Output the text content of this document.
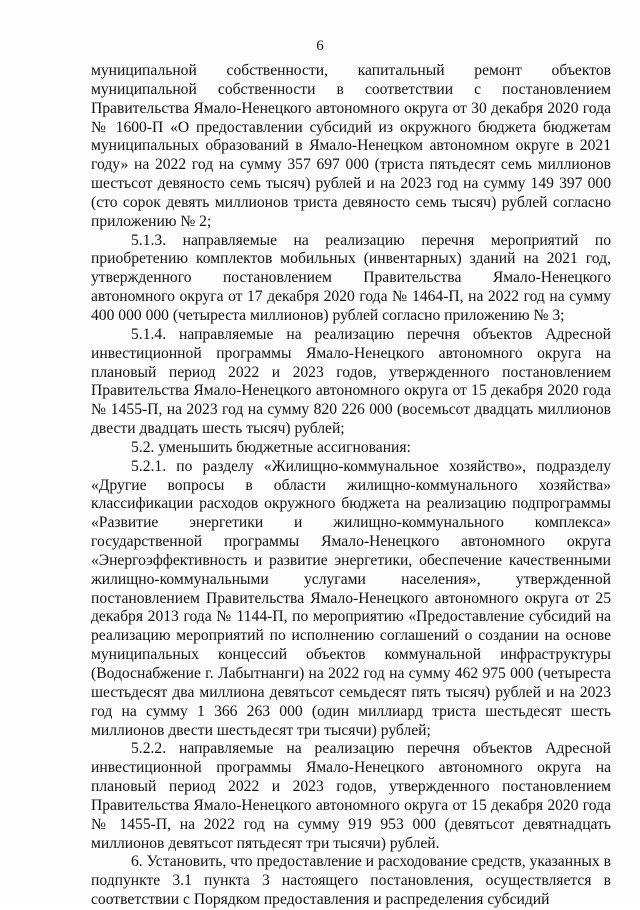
6

муниципальной собственности, капитальный ремонт объектов муниципальной собственности в соответствии с постановлением Правительства Ямало-Ненецкого автономного округа от 30 декабря 2020 года № 1600-П «О предоставлении субсидий из окружного бюджета бюджетам муниципальных образований в Ямало-Ненецком автономном округе в 2021 году» на 2022 год на сумму 357 697 000 (триста пятьдесят семь миллионов шестьсот девяносто семь тысяч) рублей и на 2023 год на сумму 149 397 000 (сто сорок девять миллионов триста девяносто семь тысяч) рублей согласно приложению № 2;

5.1.3. направляемые на реализацию перечня мероприятий по приобретению комплектов мобильных (инвентарных) зданий на 2021 год, утвержденного постановлением Правительства Ямало-Ненецкого автономного округа от 17 декабря 2020 года № 1464-П, на 2022 год на сумму 400 000 000 (четыреста миллионов) рублей согласно приложению № 3;

5.1.4. направляемые на реализацию перечня объектов Адресной инвестиционной программы Ямало-Ненецкого автономного округа на плановый период 2022 и 2023 годов, утвержденного постановлением Правительства Ямало-Ненецкого автономного округа от 15 декабря 2020 года № 1455-П, на 2023 год на сумму 820 226 000 (восемьсот двадцать миллионов двести двадцать шесть тысяч) рублей;

5.2. уменьшить бюджетные ассигнования:

5.2.1. по разделу «Жилищно-коммунальное хозяйство», подразделу «Другие вопросы в области жилищно-коммунального хозяйства» классификации расходов окружного бюджета на реализацию подпрограммы «Развитие энергетики и жилищно-коммунального комплекса» государственной программы Ямало-Ненецкого автономного округа «Энергоэффективность и развитие энергетики, обеспечение качественными жилищно-коммунальными услугами населения», утвержденной постановлением Правительства Ямало-Ненецкого автономного округа от 25 декабря 2013 года № 1144-П, по мероприятию «Предоставление субсидий на реализацию мероприятий по исполнению соглашений о создании на основе муниципальных концессий объектов коммунальной инфраструктуры (Водоснабжение г. Лабытнанги) на 2022 год на сумму 462 975 000 (четыреста шестьдесят два миллиона девятьсот семьдесят пять тысяч) рублей и на 2023 год на сумму 1 366 263 000 (один миллиард триста шестьдесят шесть миллионов двести шестьдесят три тысячи) рублей;

5.2.2. направляемые на реализацию перечня объектов Адресной инвестиционной программы Ямало-Ненецкого автономного округа на плановый период 2022 и 2023 годов, утвержденного постановлением Правительства Ямало-Ненецкого автономного округа от 15 декабря 2020 года № 1455-П, на 2022 год на сумму 919 953 000 (девятьсот девятнадцать миллионов девятьсот пятьдесят три тысячи) рублей.

6. Установить, что предоставление и расходование средств, указанных в подпункте 3.1 пункта 3 настоящего постановления, осуществляется в соответствии с Порядком предоставления и распределения субсидий
